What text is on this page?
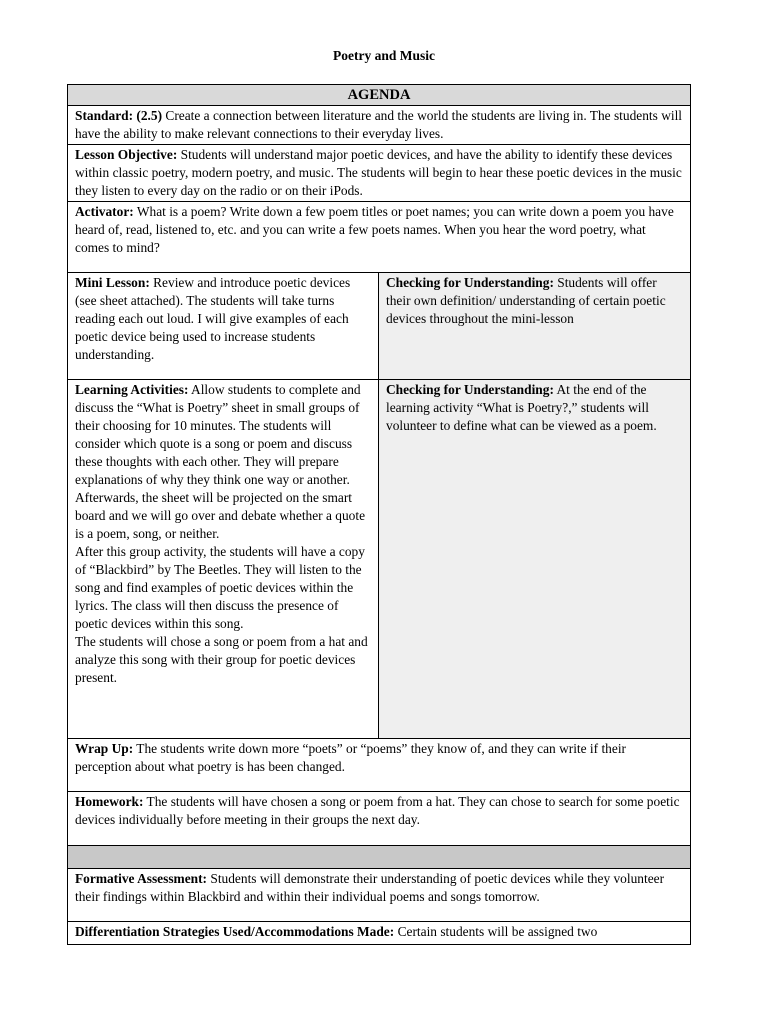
Poetry and Music
AGENDA	
Standard: (2.5) Create a connection between literature and the world the students are living in. The students will have the ability to make relevant connections to their everyday lives.	
Lesson Objective: Students will understand major poetic devices, and have the ability to identify these devices within classic poetry, modern poetry, and music. The students will begin to hear these poetic devices in the music they listen to every day on the radio or on their iPods.	
Activator: What is a poem? Write down a few poem titles or poet names; you can write down a poem you have heard of, read, listened to, etc. and you can write a few poets names. When you hear the word poetry, what comes to mind?	
Mini Lesson: Review and introduce poetic devices (see sheet attached). The students will take turns reading each out loud. I will give examples of each poetic device being used to increase students understanding.	Checking for Understanding: Students will offer their own definition/ understanding of certain poetic devices throughout the mini-lesson

Learning Activities: Allow students to complete and discuss the “What is Poetry” sheet in small groups of their choosing for 10 minutes. The students will consider which quote is a song or poem and discuss these thoughts with each other. They will prepare explanations of why they think one way or another. Afterwards, the sheet will be projected on the smart board and we will go over and debate whether a quote is a poem, song, or neither.

After this group activity, the students will have a copy of “Blackbird” by The Beetles. They will listen to the song and find examples of poetic devices within the lyrics. The class will then discuss the presence of poetic devices within this song.

The students will chose a song or poem from a hat and analyze this song with their group for poetic devices present.	Checking for Understanding: At the end of the learning activity “What is Poetry?,” students will volunteer to define what can be viewed as a poem.
Wrap Up: The students write down more “poets” or “poems” they know of, and they can write if their perception about what poetry is has been changed.	
Homework: The students will have chosen a song or poem from a hat. They can chose to search for some poetic devices individually before meeting in their groups the next day.	

Formative Assessment: Students will demonstrate their understanding of poetic devices while they volunteer their findings within Blackbird and within their individual poems and songs tomorrow.	
Differentiation Strategies Used/Accommodations Made: Certain students will be assigned two	
